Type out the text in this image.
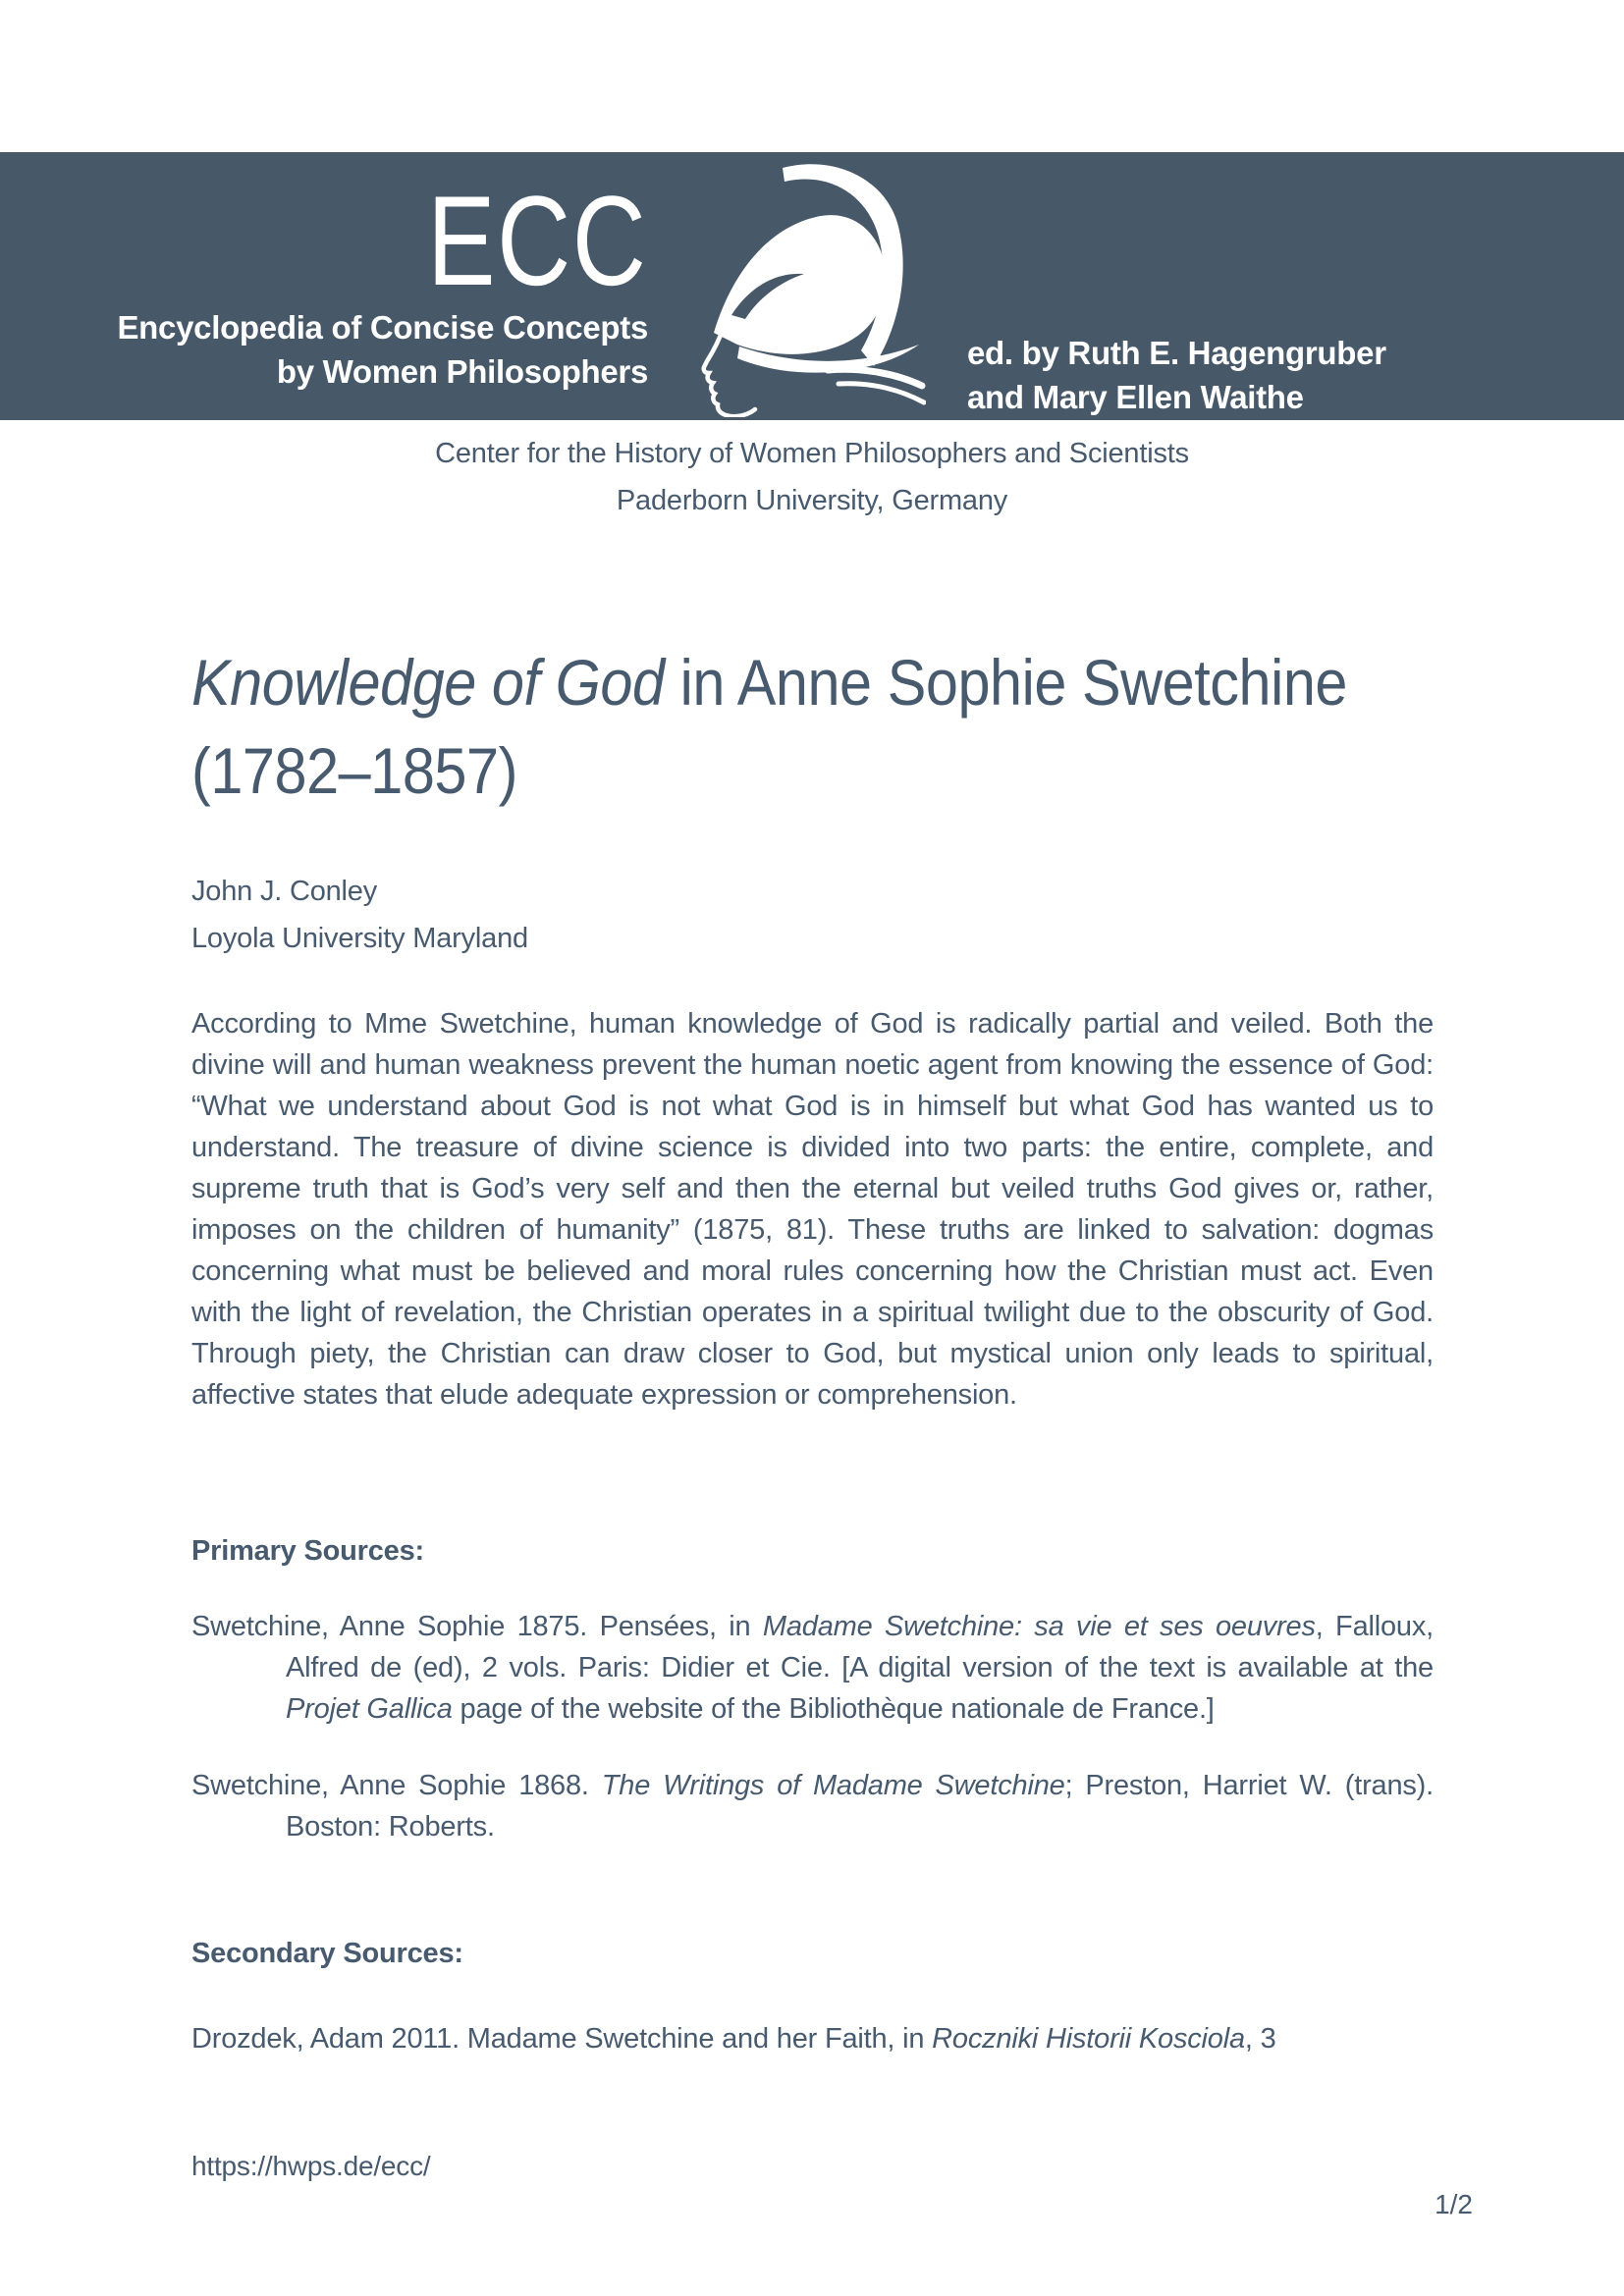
ECC
Encyclopedia of Concise Concepts
by Women Philosophers
ed. by Ruth E. Hagengruber
and Mary Ellen Waithe
Center for the History of Women Philosophers and Scientists
Paderborn University, Germany
Knowledge of God in Anne Sophie Swetchine
(1782–1857)
John J. Conley
Loyola University Maryland

According to Mme Swetchine, human knowledge of God is radically partial and veiled. Both the divine will and human weakness prevent the human noetic agent from knowing the essence of God: “What we understand about God is not what God is in himself but what God has wanted us to understand. The treasure of divine science is divided into two parts: the entire, complete, and supreme truth that is God’s very self and then the eternal but veiled truths God gives or, rather, imposes on the children of humanity” (1875, 81). These truths are linked to salvation: dogmas concerning what must be believed and moral rules concerning how the Christian must act. Even with the light of revelation, the Christian operates in a spiritual twilight due to the obscurity of God. Through piety, the Christian can draw closer to God, but mystical union only leads to spiritual, affective states that elude adequate expression or comprehension.

Primary Sources:
Swetchine, Anne Sophie 1875. Pensées, in Madame Swetchine: sa vie et ses oeuvres, Falloux, Alfred de (ed), 2 vols. Paris: Didier et Cie. [A digital version of the text is available at the Projet Gallica page of the website of the Bibliothèque nationale de France.]
Swetchine, Anne Sophie 1868. The Writings of Madame Swetchine; Preston, Harriet W. (trans). Boston: Roberts.
Secondary Sources:
Drozdek, Adam 2011. Madame Swetchine and her Faith, in Roczniki Historii Kosciola, 3
https://hwps.de/ecc/
1/2
